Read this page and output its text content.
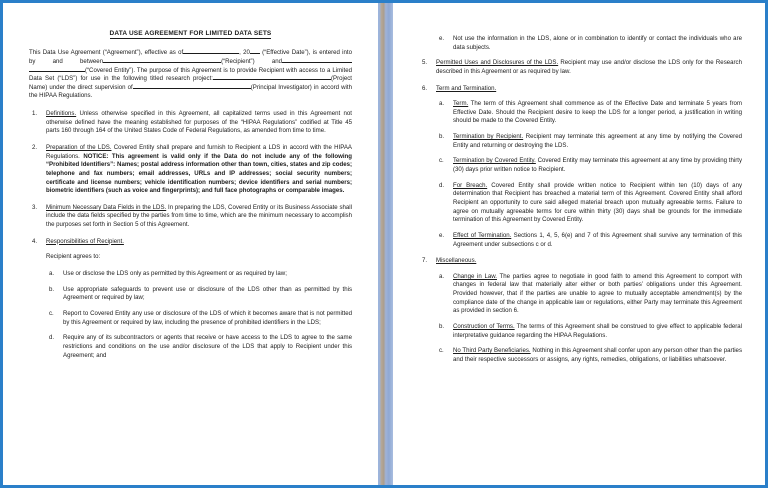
DATA USE AGREEMENT FOR LIMITED DATA SETS

This Data Use Agreement (“Agreement”), effective as of	, 20 (“Effective Date”), is entered into by and between	(“Recipient”) and(“Covered Entity”). The purpose of this Agreement is to provide Recipient with access to a Limited Data Set (“LDS”) for use in the following titled research project:	(Project Name) under the direct supervision of	(Principal Investigator) in accord with the HIPAA Regulations.

1.	Definitions. Unless otherwise specified in this Agreement, all capitalized terms used in this Agreement not otherwise defined have the meaning established for purposes of the “HIPAA Regulations” codified at Title 45 parts 160 through 164 of the United States Code of Federal Regulations, as amended from time to time.
2.	Preparation of the LDS. Covered Entity shall prepare and furnish to Recipient a LDS in accord with the HIPAA Regulations. NOTICE: This agreement is valid only if the Data do not include any of the following “Prohibited Identifiers”: Names; postal address information other than town, cities, states and zip codes; telephone and fax numbers; email addresses, URLs and IP addresses; social security numbers; certificate and license numbers; vehicle identification numbers; device identifiers and serial numbers; biometric identifiers (such as voice and fingerprints); and full face photographs or comparable images.
3.	Minimum Necessary Data Fields in the LDS. In preparing the LDS, Covered Entity or its Business Associate shall include the data fields specified by the parties from time to time, which are the minimum necessary to accomplish the purposes set forth in Section 5 of this Agreement.
4.	Responsibilities of Recipient.

Recipient agrees to:

a.	Use or disclose the LDS only as permitted by this Agreement or as required by law;
b.	Use appropriate safeguards to prevent use or disclosure of the LDS other than as permitted by this Agreement or required by law;
c.	Report to Covered Entity any use or disclosure of the LDS of which it becomes aware that is not permitted by this Agreement or required by law, including the presence of prohibited identifiers in the LDS;
d.	Require any of its subcontractors or agents that receive or have access to the LDS to agree to the same restrictions and conditions on the use and/or disclosure of the LDS that apply to Recipient under this Agreement; and
e.	Not use the information in the LDS, alone or in combination to identify or contact the individuals who are data subjects.
5.	Permitted Uses and Disclosures of the LDS. Recipient may use and/or disclose the LDS only for the Research described in this Agreement or as required by law.
6.	Term and Termination.
a.	Term. The term of this Agreement shall commence as of the Effective Date and terminate 5 years from Effective Date. Should the Recipient desire to keep the LDS for a longer period, a justification in writing should be made to the Covered Entity.
b.	Termination by Recipient. Recipient may terminate this agreement at any time by notifying the Covered Entity and returning or destroying the LDS.
c.	Termination by Covered Entity. Covered Entity may terminate this agreement at any time by providing thirty (30) days prior written notice to Recipient.
d.	For Breach. Covered Entity shall provide written notice to Recipient within ten (10) days of any determination that Recipient has breached a material term of this Agreement. Covered Entity shall afford Recipient an opportunity to cure said alleged material breach upon mutually agreeable terms. Failure to agree on mutually agreeable terms for cure within thirty (30) days shall be grounds for the immediate termination of this Agreement by Covered Entity.
e.	Effect of Termination. Sections 1, 4, 5, 6(e) and 7 of this Agreement shall survive any termination of this Agreement under subsections c or d.
7.	Miscellaneous.
a.	Change in Law. The parties agree to negotiate in good faith to amend this Agreement to comport with changes in federal law that materially alter either or both parties’ obligations under this Agreement. Provided however, that if the parties are unable to agree to mutually acceptable amendment(s) by the compliance date of the change in applicable law or regulations, either Party may terminate this Agreement as provided in section 6.
b.	Construction of Terms. The terms of this Agreement shall be construed to give effect to applicable federal interpretative guidance regarding the HIPAA Regulations.
c.	No Third Party Beneficiaries. Nothing in this Agreement shall confer upon any person other than the parties and their respective successors or assigns, any rights, remedies, obligations, or liabilities whatsoever.
